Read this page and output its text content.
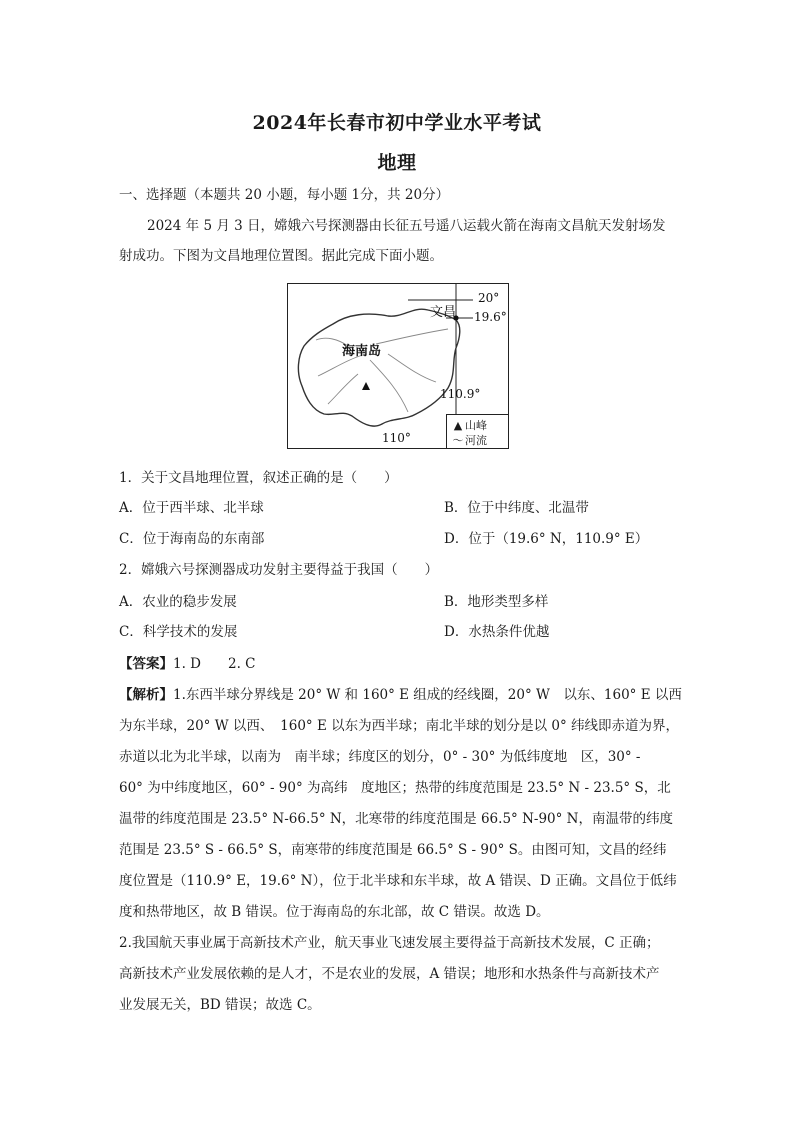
2024年长春市初中学业水平考试
地理
一、选择题（本题共 20 小题，每小题 1分，共 20分）
2024 年 5 月 3 日，嫦娥六号探测器由长征五号遥八运载火箭在海南文昌航天发射场发
射成功。下图为文昌地理位置图。据此完成下面小题。
20°
19.6°
文昌
海南岛
110.9°
110°
▲ 山峰
〜 河流
1．关于文昌地理位置，叙述正确的是（　　）
A．位于西半球、北半球	B．位于中纬度、北温带
C．位于海南岛的东南部	D．位于（19.6° N，110.9° E）
2．嫦娥六号探测器成功发射主要得益于我国（　　）
A．农业的稳步发展	B．地形类型多样
C．科学技术的发展	D．水热条件优越
【答案】1. D　　2. C
【解析】1.东西半球分界线是 20° W 和 160° E 组成的经线圈，20° W　以东、160° E 以西
为东半球，20° W 以西、　160° E 以东为西半球；南北半球的划分是以 0° 纬线即赤道为界，
赤道以北为北半球，以南为　南半球；纬度区的划分，0° - 30° 为低纬度地　区，30° -
60° 为中纬度地区，60° - 90° 为高纬　度地区；热带的纬度范围是 23.5° N - 23.5° S，北
温带的纬度范围是 23.5° N-66.5° N，北寒带的纬度范围是 66.5° N-90° N，南温带的纬度
范围是 23.5° S - 66.5° S，南寒带的纬度范围是 66.5° S - 90° S。由图可知，文昌的经纬
度位置是（110.9° E，19.6° N），位于北半球和东半球，故 A 错误、D 正确。文昌位于低纬
度和热带地区，故 B 错误。位于海南岛的东北部，故 C 错误。故选 D。
2.我国航天事业属于高新技术产业，航天事业飞速发展主要得益于高新技术发展，C 正确；
高新技术产业发展依赖的是人才，不是农业的发展，A 错误；地形和水热条件与高新技术产
业发展无关，BD 错误；故选 C。
